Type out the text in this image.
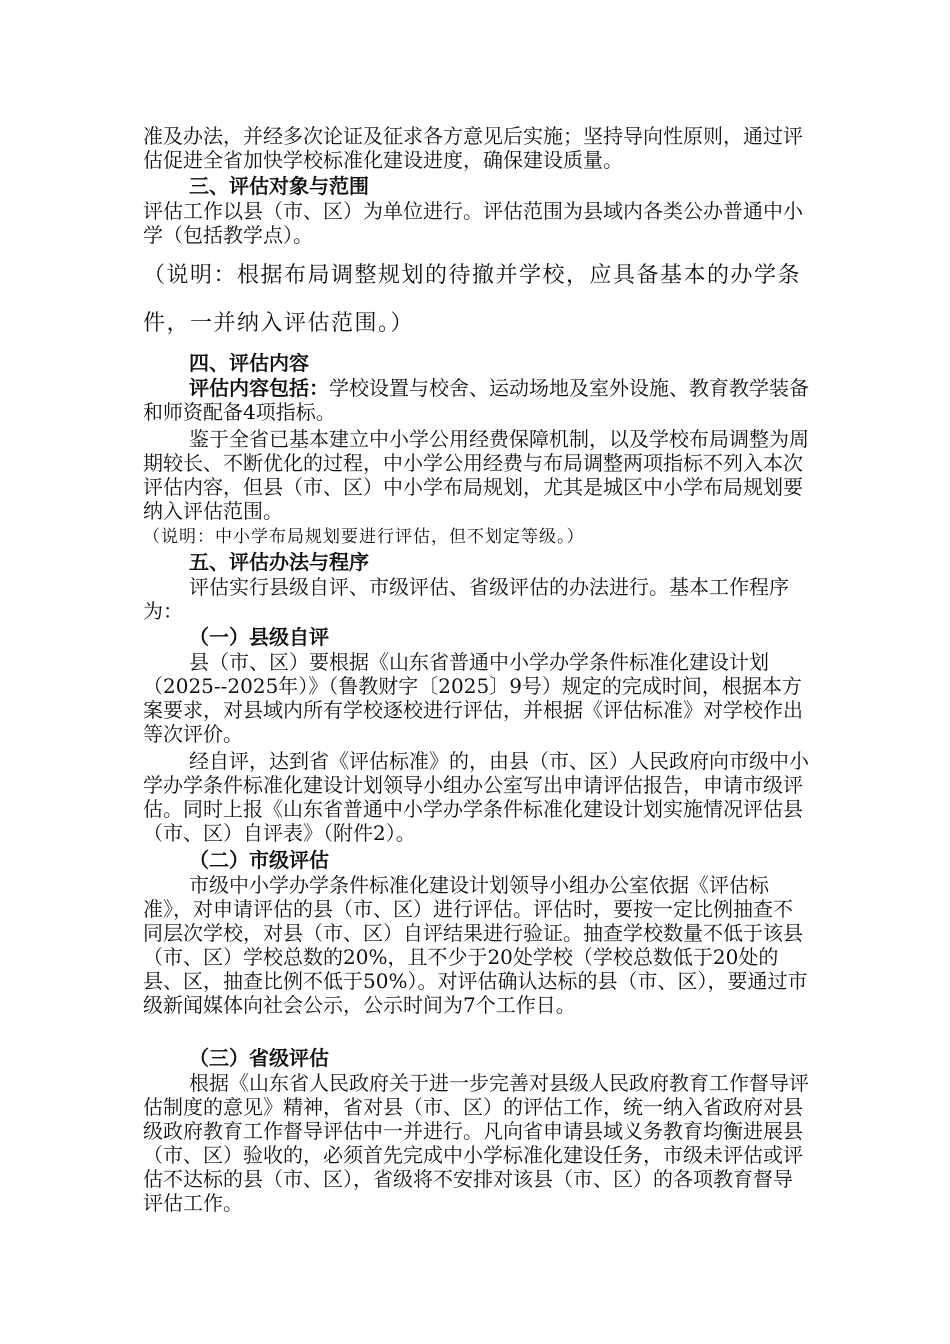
准及办法，并经多次论证及征求各方意见后实施；坚持导向性原则，通过评估促进全省加快学校标准化建设进度，确保建设质量。

三、评估对象与范围

评估工作以县（市、区）为单位进行。评估范围为县域内各类公办普通中小学（包括教学点）。

（说明：根据布局调整规划的待撤并学校，应具备基本的办学条件，一并纳入评估范围。）

四、评估内容

评估内容包括：学校设置与校舍、运动场地及室外设施、教育教学装备和师资配备4项指标。

鉴于全省已基本建立中小学公用经费保障机制，以及学校布局调整为周期较长、不断优化的过程，中小学公用经费与布局调整两项指标不列入本次评估内容，但县（市、区）中小学布局规划，尤其是城区中小学布局规划要纳入评估范围。

（说明：中小学布局规划要进行评估，但不划定等级。）

五、评估办法与程序

评估实行县级自评、市级评估、省级评估的办法进行。基本工作程序为：

（一）县级自评

县（市、区）要根据《山东省普通中小学办学条件标准化建设计划（2025--2025年）》（鲁教财字〔2025〕9号）规定的完成时间，根据本方案要求，对县域内所有学校逐校进行评估，并根据《评估标准》对学校作出等次评价。

经自评，达到省《评估标准》的，由县（市、区）人民政府向市级中小学办学条件标准化建设计划领导小组办公室写出申请评估报告，申请市级评估。同时上报《山东省普通中小学办学条件标准化建设计划实施情况评估县（市、区）自评表》（附件2）。

（二）市级评估

市级中小学办学条件标准化建设计划领导小组办公室依据《评估标准》，对申请评估的县（市、区）进行评估。评估时，要按一定比例抽查不同层次学校，对县（市、区）自评结果进行验证。抽查学校数量不低于该县（市、区）学校总数的20%，且不少于20处学校（学校总数低于20处的县、区，抽查比例不低于50%）。对评估确认达标的县（市、区），要通过市级新闻媒体向社会公示，公示时间为7个工作日。

（三）省级评估

根据《山东省人民政府关于进一步完善对县级人民政府教育工作督导评估制度的意见》精神，省对县（市、区）的评估工作，统一纳入省政府对县级政府教育工作督导评估中一并进行。凡向省申请县域义务教育均衡进展县（市、区）验收的，必须首先完成中小学标准化建设任务，市级未评估或评估不达标的县（市、区），省级将不安排对该县（市、区）的各项教育督导评估工作。
